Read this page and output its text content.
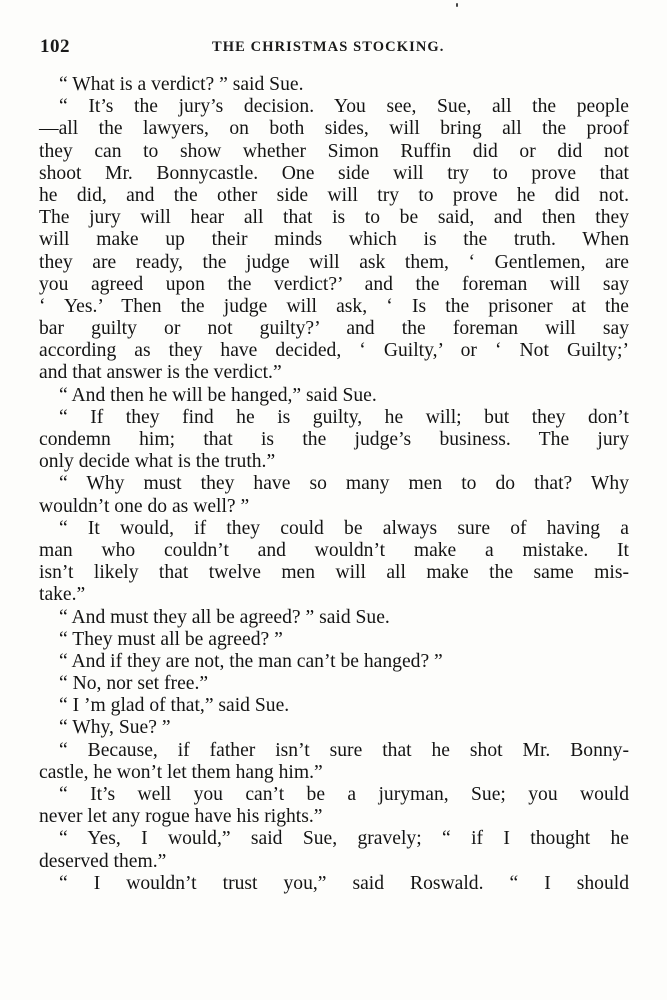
102	THE CHRISTMAS STOCKING.
“ What is a verdict? ” said Sue.
“ It’s the jury’s decision. You see, Sue, all the people
—all the lawyers, on both sides, will bring all the proof
they can to show whether Simon Ruffin did or did not
shoot Mr. Bonnycastle. One side will try to prove that
he did, and the other side will try to prove he did not.
The jury will hear all that is to be said, and then they
will make up their minds which is the truth. When
they are ready, the judge will ask them, ‘ Gentlemen, are
you agreed upon the verdict?’ and the foreman will say
‘ Yes.’ Then the judge will ask, ‘ Is the prisoner at the
bar guilty or not guilty?’ and the foreman will say
according as they have decided, ‘ Guilty,’ or ‘ Not Guilty;’
and that answer is the verdict.”
“ And then he will be hanged,” said Sue.
“ If they find he is guilty, he will; but they don’t
condemn him; that is the judge’s business. The jury
only decide what is the truth.”
“ Why must they have so many men to do that? Why
wouldn’t one do as well? ”
“ It would, if they could be always sure of having a
man who couldn’t and wouldn’t make a mistake. It
isn’t likely that twelve men will all make the same mis-
take.”
“ And must they all be agreed? ” said Sue.
“ They must all be agreed? ”
“ And if they are not, the man can’t be hanged? ”
“ No, nor set free.”
“ I ’m glad of that,” said Sue.
“ Why, Sue? ”
“ Because, if father isn’t sure that he shot Mr. Bonny-
castle, he won’t let them hang him.”
“ It’s well you can’t be a juryman, Sue; you would
never let any rogue have his rights.”
“ Yes, I would,” said Sue, gravely; “ if I thought he
deserved them.”
“ I wouldn’t trust you,” said Roswald. “ I should
